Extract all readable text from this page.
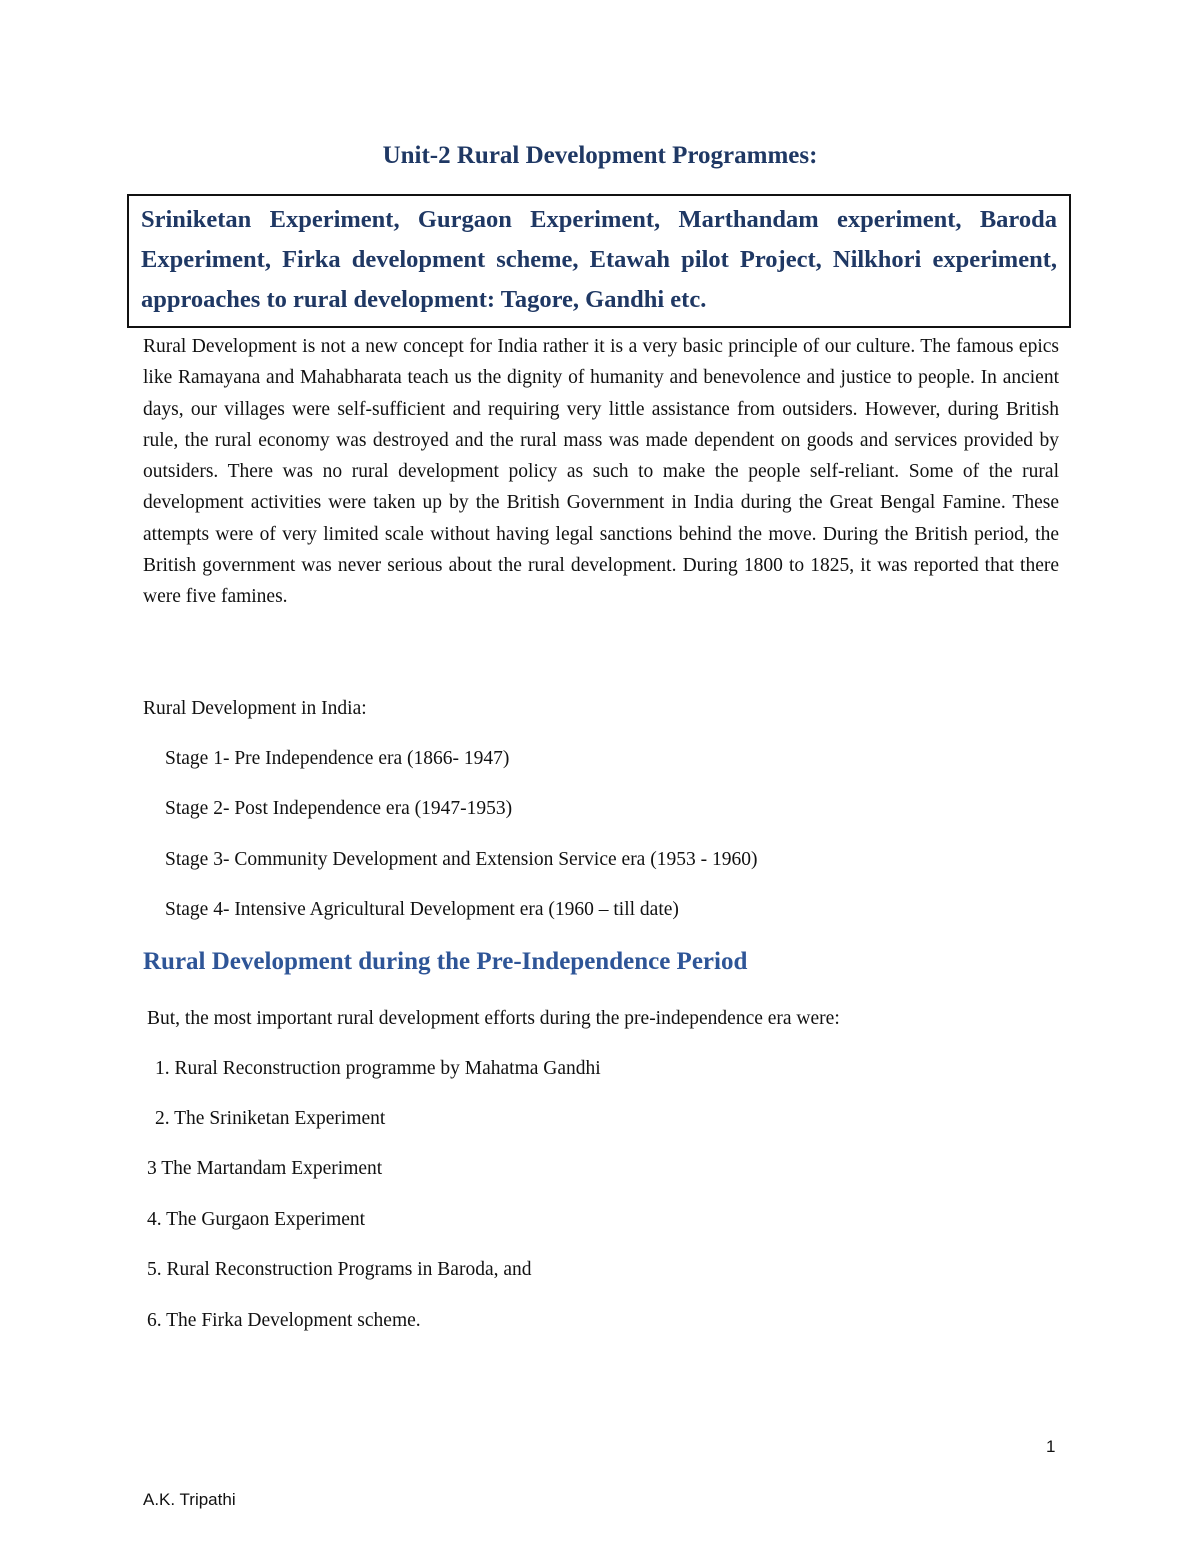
Unit-2 Rural Development Programmes:
Sriniketan Experiment, Gurgaon Experiment, Marthandam experiment, Baroda Experiment, Firka development scheme, Etawah pilot Project, Nilkhori experiment, approaches to rural development: Tagore, Gandhi etc.

Rural Development is not a new concept for India rather it is a very basic principle of our culture. The famous epics like Ramayana and Mahabharata teach us the dignity of humanity and benevolence and justice to people. In ancient days, our villages were self-sufficient and requiring very little assistance from outsiders. However, during British rule, the rural economy was destroyed and the rural mass was made dependent on goods and services provided by outsiders. There was no rural development policy as such to make the people self-reliant. Some of the rural development activities were taken up by the British Government in India during the Great Bengal Famine. These attempts were of very limited scale without having legal sanctions behind the move. During the British period, the British government was never serious about the rural development. During 1800 to 1825, it was reported that there were five famines.

Rural Development in India:

Stage 1- Pre Independence era (1866- 1947)

Stage 2- Post Independence era (1947-1953)

Stage 3- Community Development and Extension Service era (1953 - 1960)

Stage 4- Intensive Agricultural Development era (1960 – till date)

Rural Development during the Pre-Independence Period

But, the most important rural development efforts during the pre-independence era were:

1. Rural Reconstruction programme by Mahatma Gandhi

2. The Sriniketan Experiment

3 The Martandam Experiment

4. The Gurgaon Experiment

5. Rural Reconstruction Programs in Baroda, and

6. The Firka Development scheme.

1
A.K. Tripathi
